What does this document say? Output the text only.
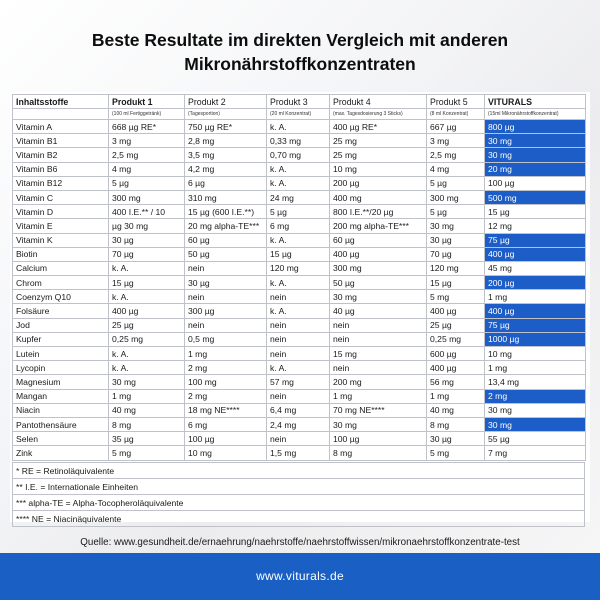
Beste Resultate im direkten Vergleich mit anderen
Mikronährstoffkonzentraten
Inhaltsstoffe	Produkt 1	Produkt 2	Produkt 3	Produkt 4	Produkt 5	VITURALS
	(100 ml Fertiggetränk)	(Tagesportion)	(20 ml Konzentrat)	(max. Tagesdosierung 3 Sticks)	(8 ml Konzentrat)	(15ml Mikronährstoffkonzentrat)
Vitamin A	668 µg RE*	750 µg RE*	k. A.	400 µg RE*	667 µg	800 µg
Vitamin B1	3 mg	2,8 mg	0,33 mg	25 mg	3 mg	30 mg
Vitamin B2	2,5 mg	3,5 mg	0,70 mg	25 mg	2,5 mg	30 mg
Vitamin B6	4 mg	4,2 mg	k. A.	10 mg	4 mg	20 mg
Vitamin B12	5 µg	6 µg	k. A.	200 µg	5 µg	100 µg
Vitamin C	300 mg	310 mg	24 mg	400 mg	300 mg	500 mg
Vitamin D	400 I.E.** / 10	15 µg (600 I.E.**)	5 µg	800 I.E.**/20 µg	5 µg	15 µg
Vitamin E	µg 30 mg	20 mg alpha-TE***	6 mg	200 mg alpha-TE***	30 mg	12 mg
Vitamin K	30 µg	60 µg	k. A.	60 µg	30 µg	75 µg
Biotin	70 µg	50 µg	15 µg	400 µg	70 µg	400 µg
Calcium	k. A.	nein	120 mg	300 mg	120 mg	45 mg
Chrom	15 µg	30 µg	k. A.	50 µg	15 µg	200 µg
Coenzym Q10	k. A.	nein	nein	30 mg	5 mg	1 mg
Folsäure	400 µg	300 µg	k. A.	40 µg	400 µg	400 µg
Jod	25 µg	nein	nein	nein	25 µg	75 µg
Kupfer	0,25 mg	0,5 mg	nein	nein	0,25 mg	1000 µg
Lutein	k. A.	1 mg	nein	15 mg	600 µg	10 mg
Lycopin	k. A.	2 mg	k. A.	nein	400 µg	1 mg
Magnesium	30 mg	100 mg	57 mg	200 mg	56 mg	13,4 mg
Mangan	1 mg	2 mg	nein	1 mg	1 mg	2 mg
Niacin	40 mg	18 mg NE****	6,4 mg	70 mg NE****	40 mg	30 mg
Pantothensäure	8 mg	6 mg	2,4 mg	30 mg	8 mg	30 mg
Selen	35 µg	100 µg	nein	100 µg	30 µg	55 µg
Zink	5 mg	10 mg	1,5 mg	8 mg	5 mg	7 mg
* RE = Retinoläquivalente
** I.E. = Internationale Einheiten
*** alpha-TE = Alpha-Tocopheroläquivalente
**** NE = Niacinäquivalente
Quelle: www.gesundheit.de/ernaehrung/naehrstoffe/naehrstoffwissen/mikronaehrstoffkonzentrate-test
www.viturals.de
